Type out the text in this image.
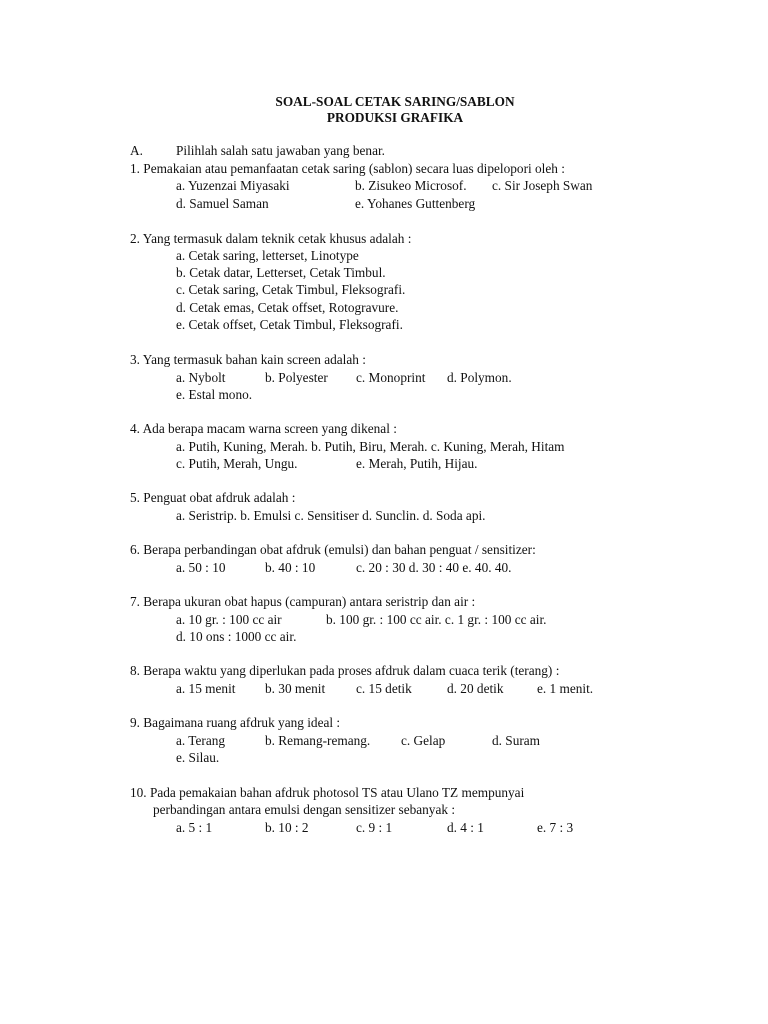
SOAL-SOAL CETAK SARING/SABLON
PRODUKSI GRAFIKA
A. Pilihlah salah satu jawaban yang benar.
1. Pemakaian atau pemanfaatan cetak saring (sablon) secara luas dipelopori oleh :
a. Yuzenzai Miyasaki	b. Zisukeo Microsof. c. Sir Joseph Swan
d. Samuel Saman	e. Yohanes Guttenberg
2. Yang termasuk dalam teknik cetak khusus adalah :
a. Cetak saring, letterset, Linotype
b. Cetak datar, Letterset, Cetak Timbul.
c. Cetak saring, Cetak Timbul, Fleksografi.
d. Cetak emas, Cetak offset, Rotogravure.
e. Cetak offset, Cetak Timbul, Fleksografi.
3. Yang termasuk bahan kain screen adalah :
a. Nybolt	b. Polyester c. Monoprint d. Polymon.
e. Estal mono.
4. Ada berapa macam warna screen yang dikenal :
a. Putih, Kuning, Merah. b. Putih, Biru, Merah. c. Kuning, Merah, Hitam
c. Putih, Merah, Ungu.	e. Merah, Putih, Hijau.
5. Penguat obat afdruk adalah :
a. Seristrip. b. Emulsi c. Sensitiser d. Sunclin. d. Soda api.
6. Berapa perbandingan obat afdruk (emulsi) dan bahan penguat / sensitizer:
a. 50 : 10	b. 40 : 10	c. 20 : 30 d. 30 : 40 e. 40. 40.
7. Berapa ukuran obat hapus (campuran) antara seristrip dan air :
a. 10 gr. : 100 cc air	b. 100 gr. : 100 cc air. c. 1 gr. : 100 cc air.
d. 10 ons : 1000 cc air.
8. Berapa waktu yang diperlukan pada proses afdruk dalam cuaca terik (terang) :
a. 15 menit b. 30 menit c. 15 detik	d. 20 detik	e. 1 menit.
9. Bagaimana ruang afdruk yang ideal :
a. Terang	b. Remang-remang. c. Gelap	d. Suram
e. Silau.
10. Pada pemakaian bahan afdruk photosol TS atau Ulano TZ mempunyai
perbandingan antara emulsi dengan sensitizer sebanyak :
a. 5 : 1	b. 10 : 2	c. 9 : 1	d. 4 : 1	e. 7 : 3
